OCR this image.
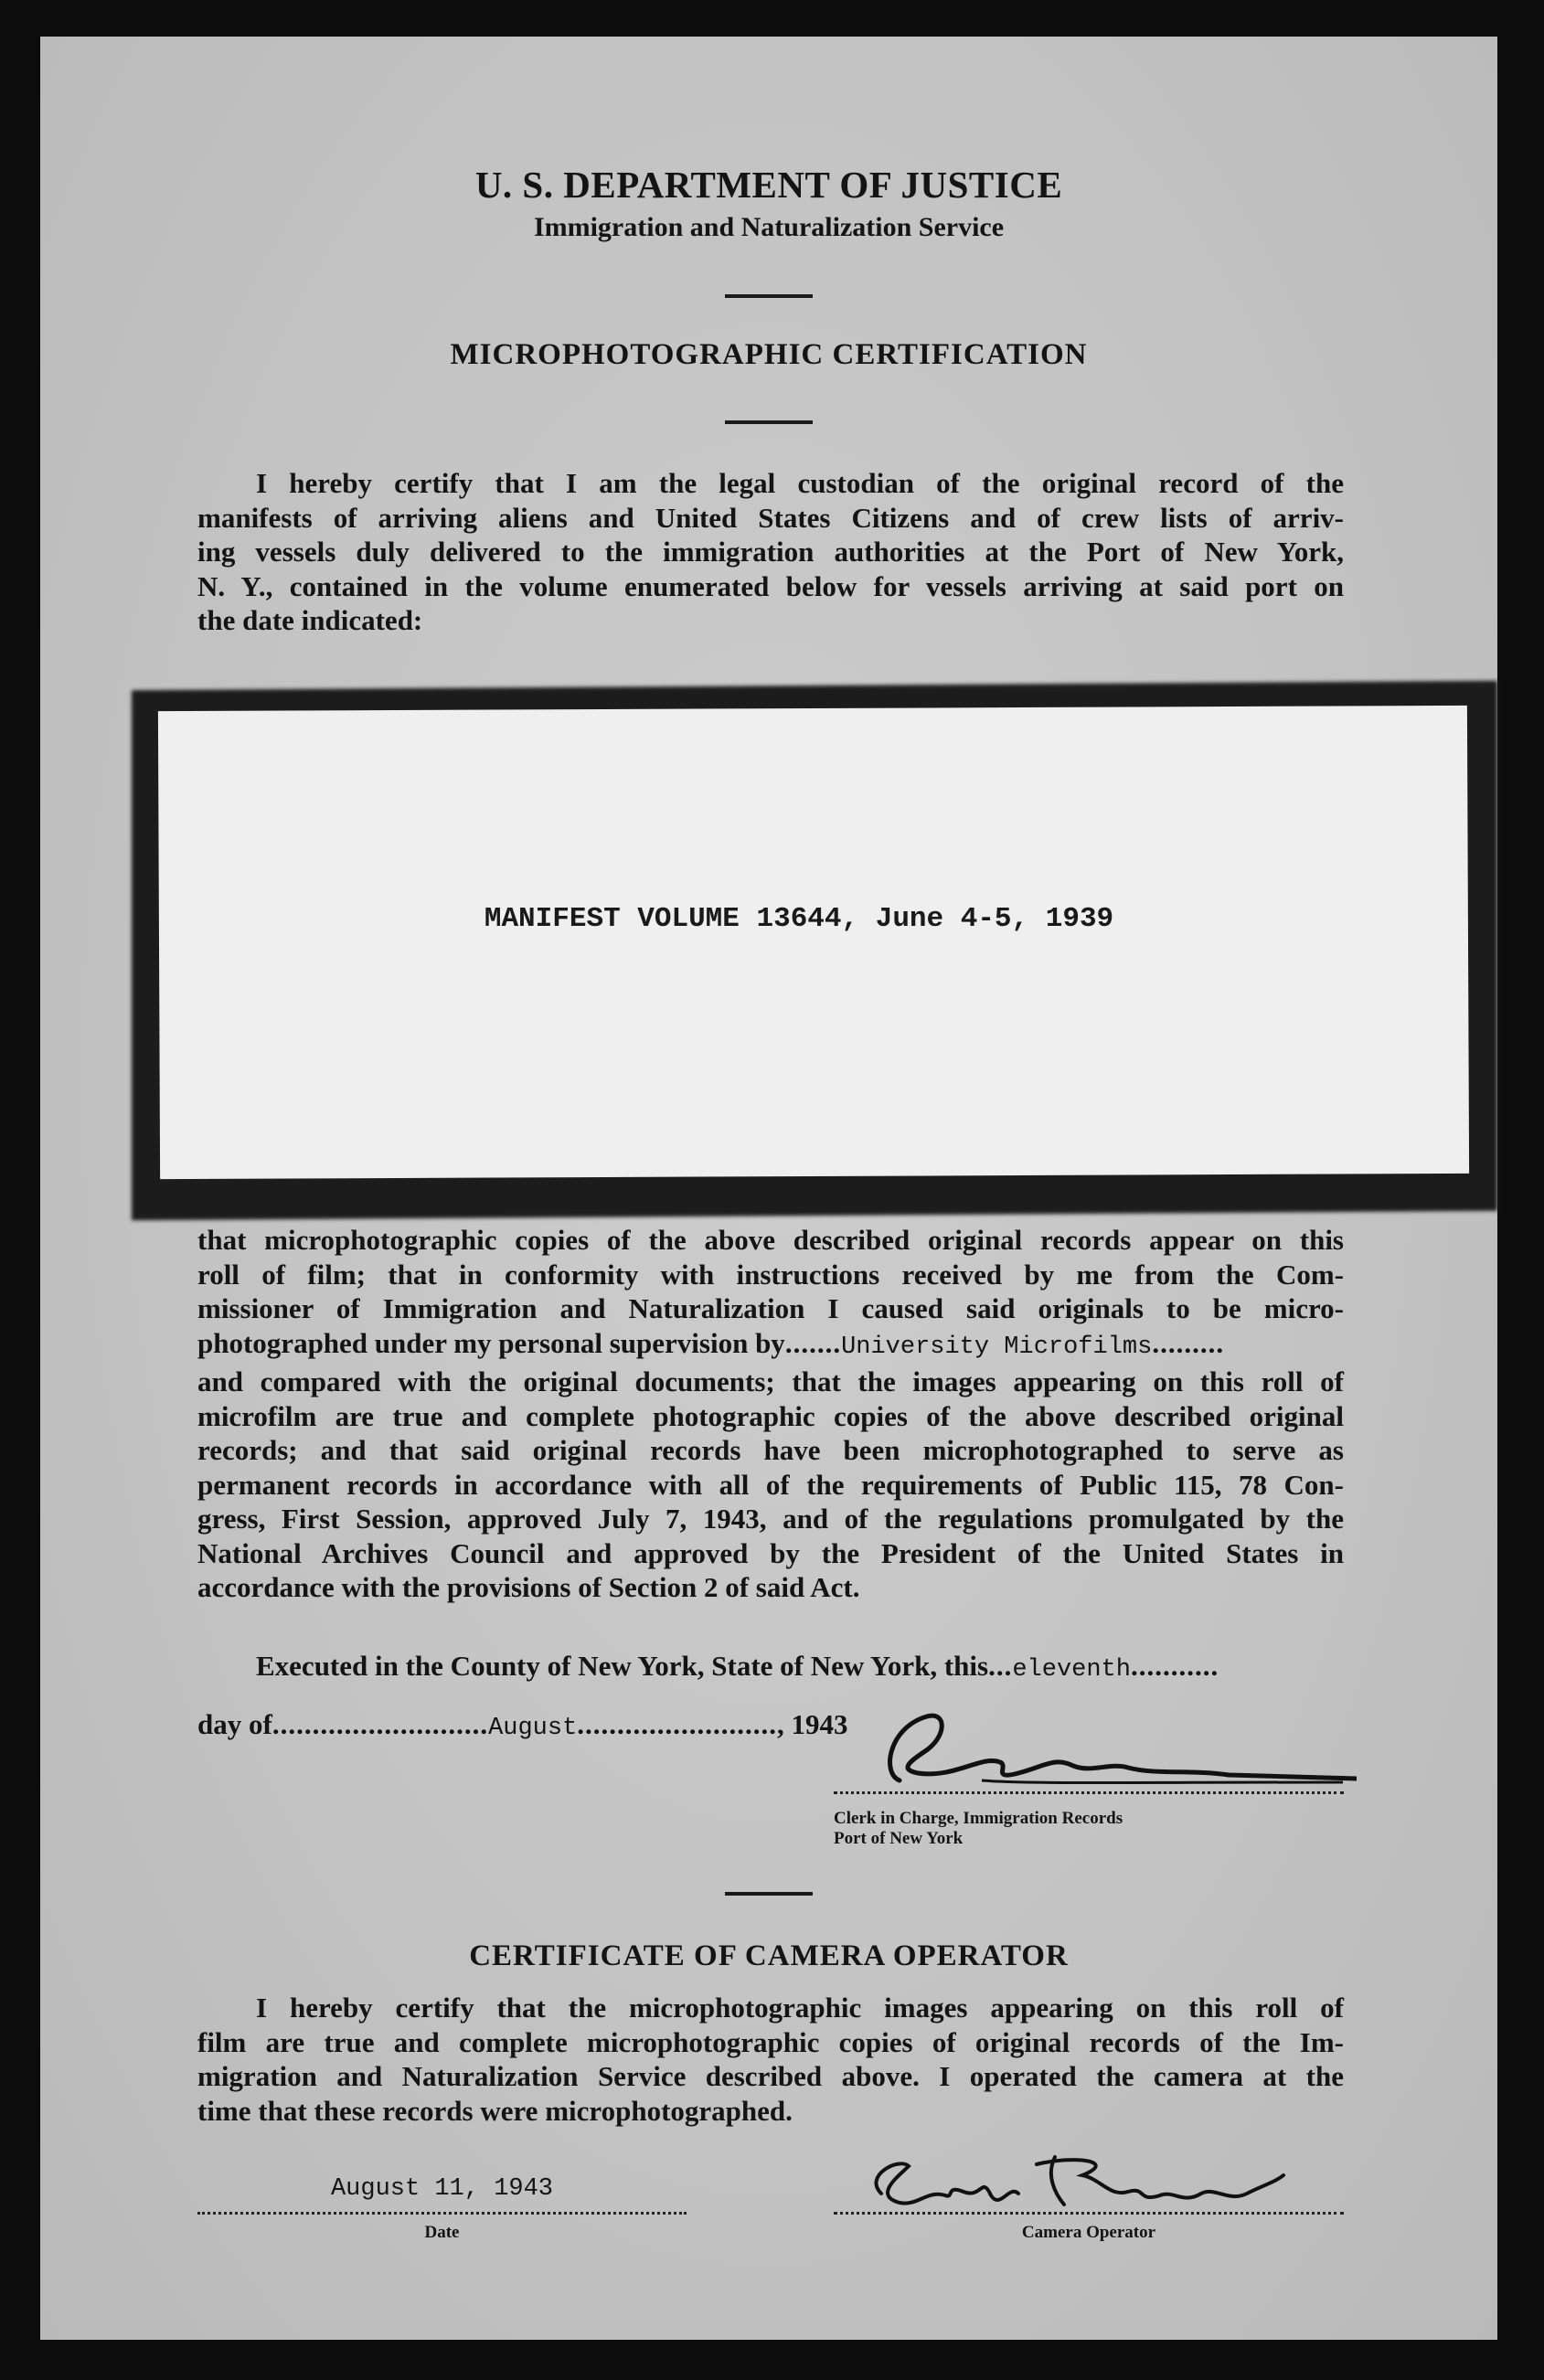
U. S. DEPARTMENT OF JUSTICE
Immigration and Naturalization Service
MICROPHOTOGRAPHIC CERTIFICATION
I hereby certify that I am the legal custodian of the original record of the
manifests of arriving aliens and United States Citizens and of crew lists of arriv-
ing vessels duly delivered to the immigration authorities at the Port of New York,
N. Y., contained in the volume enumerated below for vessels arriving at said port on
the date indicated:
MANIFEST VOLUME 13644, June 4-5, 1939
that microphotographic copies of the above described original records appear on this
roll of film; that in conformity with instructions received by me from the Com-
missioner of Immigration and Naturalization I caused said originals to be micro-
photographed under my personal supervision by.......University Microfilms.........
and compared with the original documents; that the images appearing on this roll of
microfilm are true and complete photographic copies of the above described original
records; and that said original records have been microphotographed to serve as
permanent records in accordance with all of the requirements of Public 115, 78 Con-
gress, First Session, approved July 7, 1943, and of the regulations promulgated by the
National Archives Council and approved by the President of the United States in
accordance with the provisions of Section 2 of said Act.
Executed in the County of New York, State of New York, this...eleventh...........
day of...........................August........................., 1943
Clerk in Charge, Immigration Records
Port of New York
CERTIFICATE OF CAMERA OPERATOR
I hereby certify that the microphotographic images appearing on this roll of
film are true and complete microphotographic copies of original records of the Im-
migration and Naturalization Service described above. I operated the camera at the
time that these records were microphotographed.
August 11, 1943
Date	Camera Operator
